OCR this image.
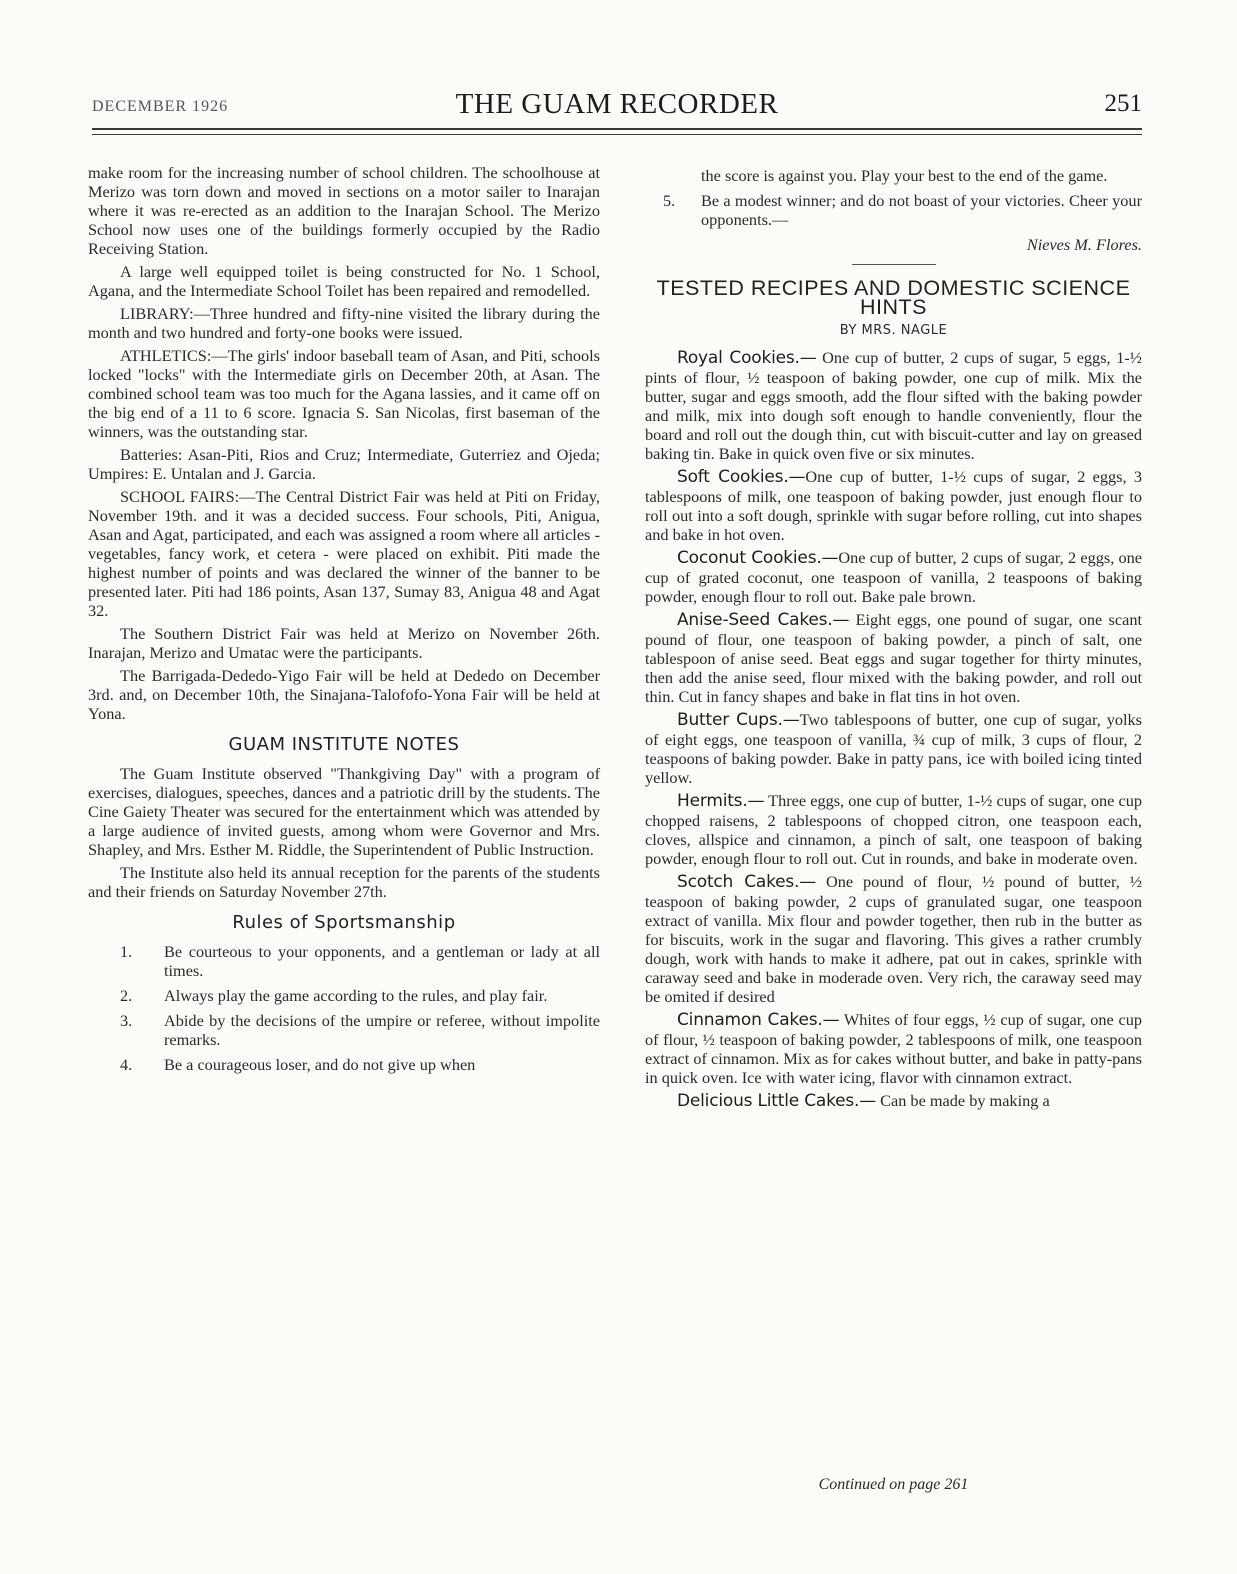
DECEMBER 1926	THE GUAM RECORDER	251

make room for the increasing number of school children. The schoolhouse at Merizo was torn down and moved in sections on a motor sailer to Inarajan where it was re-erected as an addition to the Inarajan School. The Merizo School now uses one of the buildings formerly occupied by the Radio Receiving Station.

A large well equipped toilet is being constructed for No. 1 School, Agana, and the Intermediate School Toilet has been repaired and remodelled.

LIBRARY:—Three hundred and fifty-nine visited the library during the month and two hundred and forty-one books were issued.

ATHLETICS:—The girls' indoor baseball team of Asan, and Piti, schools locked "locks" with the Intermediate girls on December 20th, at Asan. The combined school team was too much for the Agana lassies, and it came off on the big end of a 11 to 6 score. Ignacia S. San Nicolas, first baseman of the winners, was the outstanding star.

Batteries: Asan-Piti, Rios and Cruz; Intermediate, Guterriez and Ojeda; Umpires: E. Untalan and J. Garcia.

SCHOOL FAIRS:—The Central District Fair was held at Piti on Friday, November 19th. and it was a decided success. Four schools, Piti, Anigua, Asan and Agat, participated, and each was assigned a room where all articles - vegetables, fancy work, et cetera - were placed on exhibit. Piti made the highest number of points and was declared the winner of the banner to be presented later. Piti had 186 points, Asan 137, Sumay 83, Anigua 48 and Agat 32.

The Southern District Fair was held at Merizo on November 26th. Inarajan, Merizo and Umatac were the participants.

The Barrigada-Dededo-Yigo Fair will be held at Dededo on December 3rd. and, on December 10th, the Sinajana-Talofofo-Yona Fair will be held at Yona.

GUAM INSTITUTE NOTES

The Guam Institute observed "Thankgiving Day" with a program of exercises, dialogues, speeches, dances and a patriotic drill by the students. The Cine Gaiety Theater was secured for the entertainment which was attended by a large audience of invited guests, among whom were Governor and Mrs. Shapley, and Mrs. Esther M. Riddle, the Superintendent of Public Instruction.

The Institute also held its annual reception for the parents of the students and their friends on Saturday November 27th.

Rules of Sportsmanship
1. Be courteous to your opponents, and a gentleman or lady at all times.
2. Always play the game according to the rules, and play fair.
3. Abide by the decisions of the umpire or referee, without impolite remarks.
4. Be a courageous loser, and do not give up when
the score is against you. Play your best to the end of the game.
5. Be a modest winner; and do not boast of your victories. Cheer your opponents.—

Nieves M. Flores.

TESTED RECIPES AND DOMESTIC SCIENCE HINTS
BY MRS. NAGLE

Royal Cookies.— One cup of butter, 2 cups of sugar, 5 eggs, 1-½ pints of flour, ½ teaspoon of baking powder, one cup of milk. Mix the butter, sugar and eggs smooth, add the flour sifted with the baking powder and milk, mix into dough soft enough to handle conveniently, flour the board and roll out the dough thin, cut with biscuit-cutter and lay on greased baking tin. Bake in quick oven five or six minutes.

Soft Cookies.—One cup of butter, 1-½ cups of sugar, 2 eggs, 3 tablespoons of milk, one teaspoon of baking powder, just enough flour to roll out into a soft dough, sprinkle with sugar before rolling, cut into shapes and bake in hot oven.

Coconut Cookies.—One cup of butter, 2 cups of sugar, 2 eggs, one cup of grated coconut, one teaspoon of vanilla, 2 teaspoons of baking powder, enough flour to roll out. Bake pale brown.

Anise-Seed Cakes.— Eight eggs, one pound of sugar, one scant pound of flour, one teaspoon of baking powder, a pinch of salt, one tablespoon of anise seed. Beat eggs and sugar together for thirty minutes, then add the anise seed, flour mixed with the baking powder, and roll out thin. Cut in fancy shapes and bake in flat tins in hot oven.

Butter Cups.—Two tablespoons of butter, one cup of sugar, yolks of eight eggs, one teaspoon of vanilla, ¾ cup of milk, 3 cups of flour, 2 teaspoons of baking powder. Bake in patty pans, ice with boiled icing tinted yellow.

Hermits.— Three eggs, one cup of butter, 1-½ cups of sugar, one cup chopped raisens, 2 tablespoons of chopped citron, one teaspoon each, cloves, allspice and cinnamon, a pinch of salt, one teaspoon of baking powder, enough flour to roll out. Cut in rounds, and bake in moderate oven.

Scotch Cakes.— One pound of flour, ½ pound of butter, ½ teaspoon of baking powder, 2 cups of granulated sugar, one teaspoon extract of vanilla. Mix flour and powder together, then rub in the butter as for biscuits, work in the sugar and flavoring. This gives a rather crumbly dough, work with hands to make it adhere, pat out in cakes, sprinkle with caraway seed and bake in moderade oven. Very rich, the caraway seed may be omited if desired

Cinnamon Cakes.— Whites of four eggs, ½ cup of sugar, one cup of flour, ½ teaspoon of baking powder, 2 tablespoons of milk, one teaspoon extract of cinnamon. Mix as for cakes without butter, and bake in patty-pans in quick oven. Ice with water icing, flavor with cinnamon extract.

Delicious Little Cakes.— Can be made by making a

Continued on page 261
